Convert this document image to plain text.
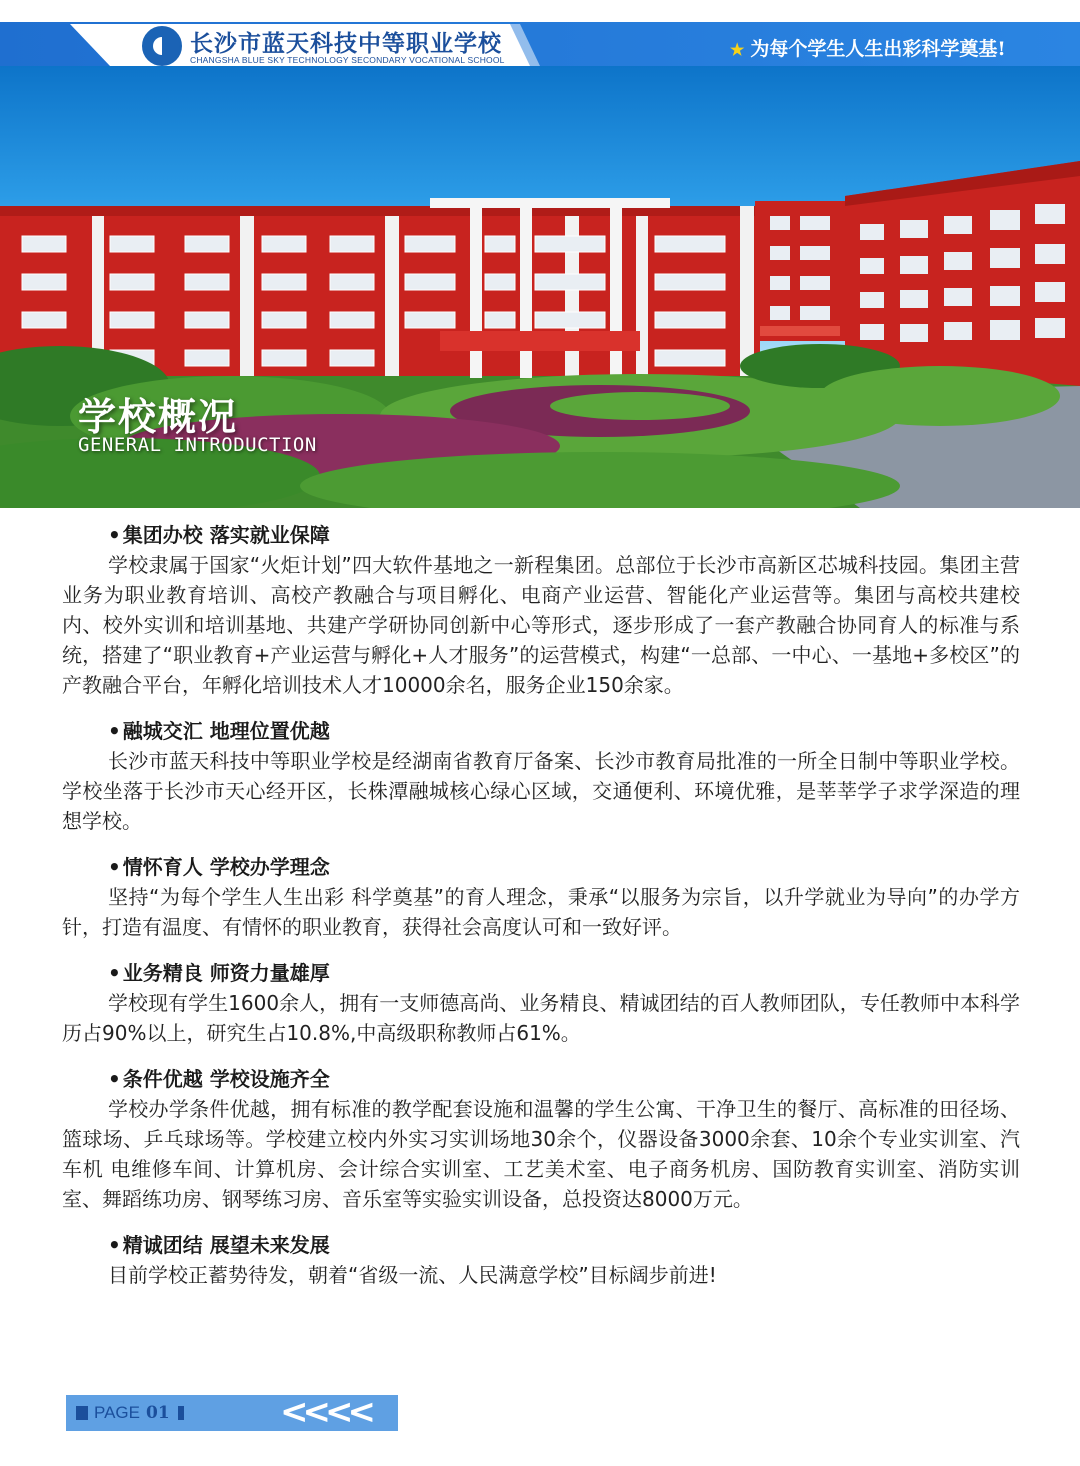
长沙市蓝天科技中等职业学校
CHANGSHA BLUE SKY TECHNOLOGY SECONDARY VOCATIONAL SCHOOL
★ 为每个学生人生出彩科学奠基!
学校概况
GENERAL INTRODUCTION
• 集团办校 落实就业保障

学校隶属于国家“火炬计划”四大软件基地之一新程集团。总部位于长沙市高新区芯城科技园。集团主营业务为职业教育培训、高校产教融合与项目孵化、电商产业运营、智能化产业运营等。集团与高校共建校内、校外实训和培训基地、共建产学研协同创新中心等形式，逐步形成了一套产教融合协同育人的标准与系统，搭建了“职业教育+产业运营与孵化+人才服务”的运营模式，构建“一总部、一中心、一基地+多校区”的产教融合平台，年孵化培训技术人才10000余名，服务企业150余家。

• 融城交汇 地理位置优越

长沙市蓝天科技中等职业学校是经湖南省教育厅备案、长沙市教育局批准的一所全日制中等职业学校。学校坐落于长沙市天心经开区，长株潭融城核心绿心区域，交通便利、环境优雅，是莘莘学子求学深造的理想学校。

• 情怀育人 学校办学理念

坚持“为每个学生人生出彩 科学奠基”的育人理念，秉承“以服务为宗旨，以升学就业为导向”的办学方针，打造有温度、有情怀的职业教育，获得社会高度认可和一致好评。

• 业务精良 师资力量雄厚

学校现有学生1600余人，拥有一支师德高尚、业务精良、精诚团结的百人教师团队，专任教师中本科学历占90%以上，研究生占10.8%,中高级职称教师占61%。

• 条件优越 学校设施齐全

学校办学条件优越，拥有标准的教学配套设施和温馨的学生公寓、干净卫生的餐厅、高标准的田径场、篮球场、乒乓球场等。学校建立校内外实习实训场地30余个，仪器设备3000余套、10余个专业实训室、汽车机 电维修车间、计算机房、会计综合实训室、工艺美术室、电子商务机房、国防教育实训室、消防实训室、舞蹈练功房、钢琴练习房、音乐室等实验实训设备，总投资达8000万元。

• 精诚团结 展望未来发展

目前学校正蓄势待发，朝着“省级一流、人民满意学校”目标阔步前进!

PAGE 01	<<<<
